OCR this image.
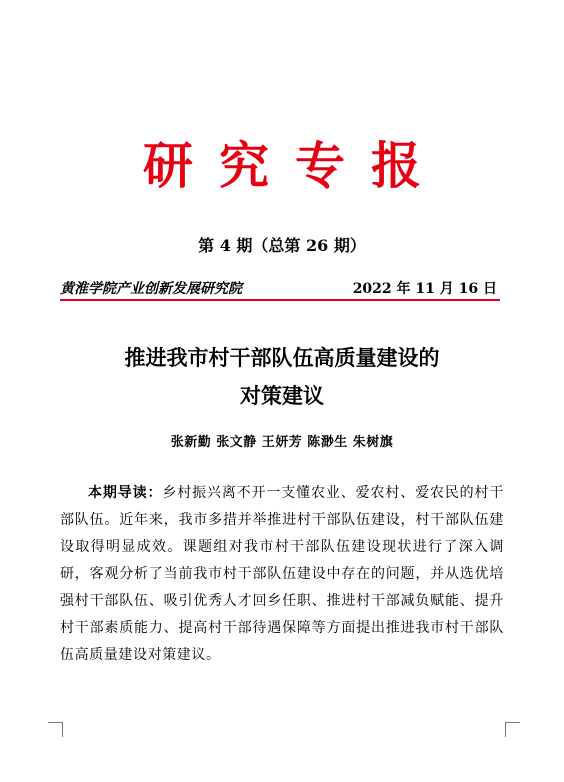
研究专报
第 4 期（总第 26 期）
黄淮学院产业创新发展研究院	2022 年 11 月 16 日
推进我市村干部队伍高质量建设的
对策建议
张新勤 张文静 王妍芳 陈渺生 朱树旗
本期导读：乡村振兴离不开一支懂农业、爱农村、爱农民的村干部队伍。近年来，我市多措并举推进村干部队伍建设，村干部队伍建设取得明显成效。课题组对我市村干部队伍建设现状进行了深入调研，客观分析了当前我市村干部队伍建设中存在的问题，并从选优培强村干部队伍、吸引优秀人才回乡任职、推进村干部减负赋能、提升村干部素质能力、提高村干部待遇保障等方面提出推进我市村干部队伍高质量建设对策建议。
